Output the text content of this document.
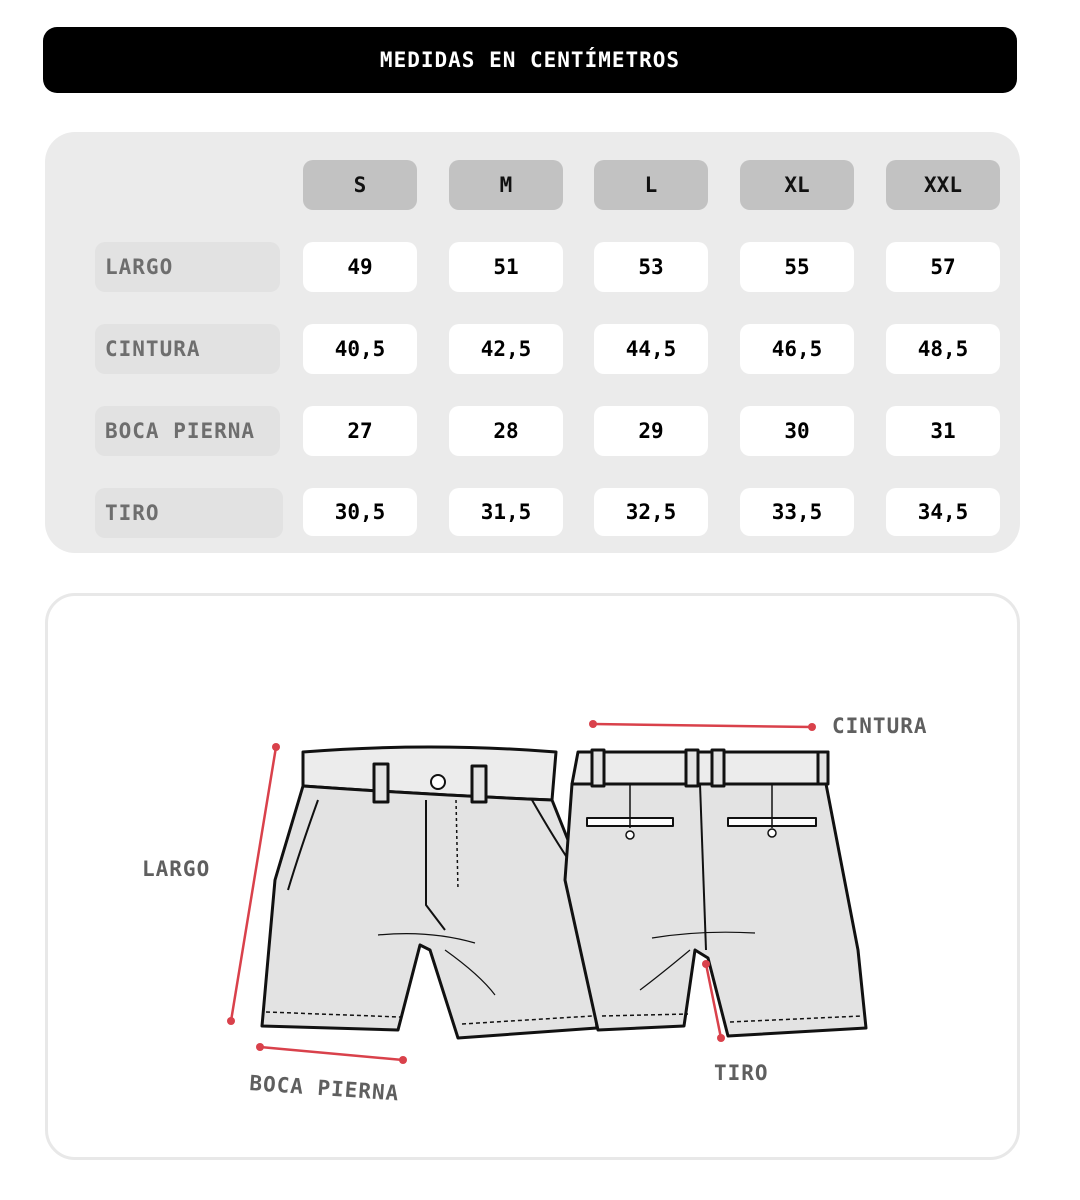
MEDIDAS EN CENTÍMETROS
S	M	L	XL	XXL
LARGO	49	51	53	55	57
CINTURA	40,5	42,5	44,5	46,5	48,5
BOCA PIERNA	27	28	29	30	31
TIRO	30,5	31,5	32,5	33,5	34,5
LARGO
CINTURA
BOCA PIERNA	TIRO
